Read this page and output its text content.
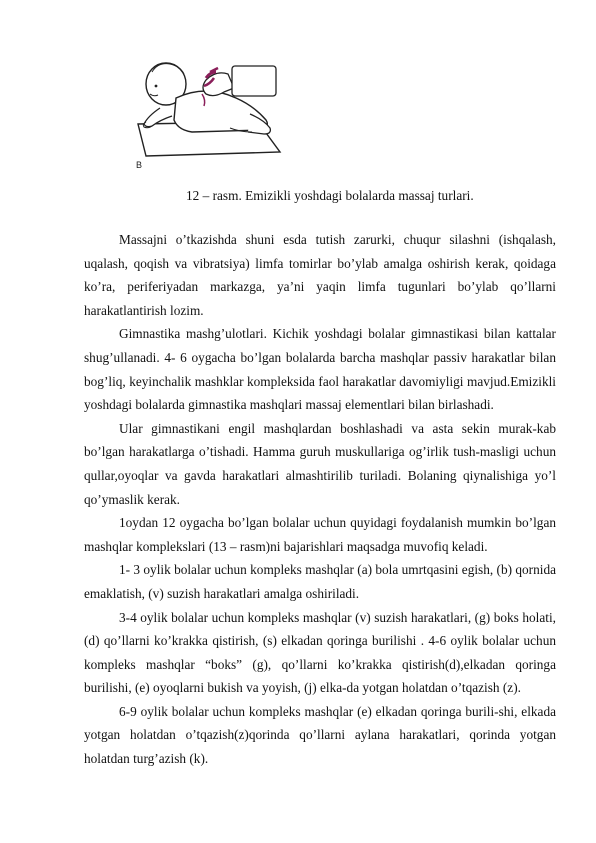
B
12 – rasm. Emizikli yoshdagi bolalarda massaj turlari.

Massajni o’tkazishda shuni esda tutish zarurki, chuqur silashni (ishqalash, uqalash, qoqish va vibratsiya) limfa tomirlar bo’ylab amalga oshirish kerak, qoidaga ko’ra, periferiyadan markazga, ya’ni yaqin limfa tugunlari bo’ylab qo’llarni harakatlantirish lozim.

Gimnastika mashg’ulotlari. Kichik yoshdagi bolalar gimnastikasi bilan kattalar shug’ullanadi. 4- 6 oygacha bo’lgan bolalarda barcha mashqlar passiv harakatlar bilan bog’liq, keyinchalik mashklar kompleksida faol harakatlar davomiyligi mavjud.Emizikli yoshdagi bolalarda gimnastika mashqlari massaj elementlari bilan birlashadi.

Ular gimnastikani engil mashqlardan boshlashadi va asta sekin murak-kab bo’lgan harakatlarga o’tishadi. Hamma guruh muskullariga og’irlik tush-masligi uchun qullar,oyoqlar va gavda harakatlari almashtirilib turiladi. Bolaning qiynalishiga yo’l qo’ymaslik kerak.

1oydan 12 oygacha bo’lgan bolalar uchun quyidagi foydalanish mumkin bo’lgan mashqlar komplekslari (13 – rasm)ni bajarishlari maqsadga muvofiq keladi.

1- 3 oylik bolalar uchun kompleks mashqlar (a) bola umrtqasini egish, (b) qornida emaklatish, (v) suzish harakatlari amalga oshiriladi.

3-4 oylik bolalar uchun kompleks mashqlar (v) suzish harakatlari, (g) boks holati, (d) qo’llarni ko’krakka qistirish, (s) elkadan qoringa burilishi . 4-6 oylik bolalar uchun kompleks mashqlar “boks” (g), qo’llarni ko’krakka qistirish(d),elkadan qoringa burilishi, (e) oyoqlarni bukish va yoyish, (j) elka-da yotgan holatdan o’tqazish (z).

6-9 oylik bolalar uchun kompleks mashqlar (e) elkadan qoringa burili-shi, elkada yotgan holatdan o’tqazish(z)qorinda qo’llarni aylana harakatlari, qorinda yotgan holatdan turg’azish (k).
